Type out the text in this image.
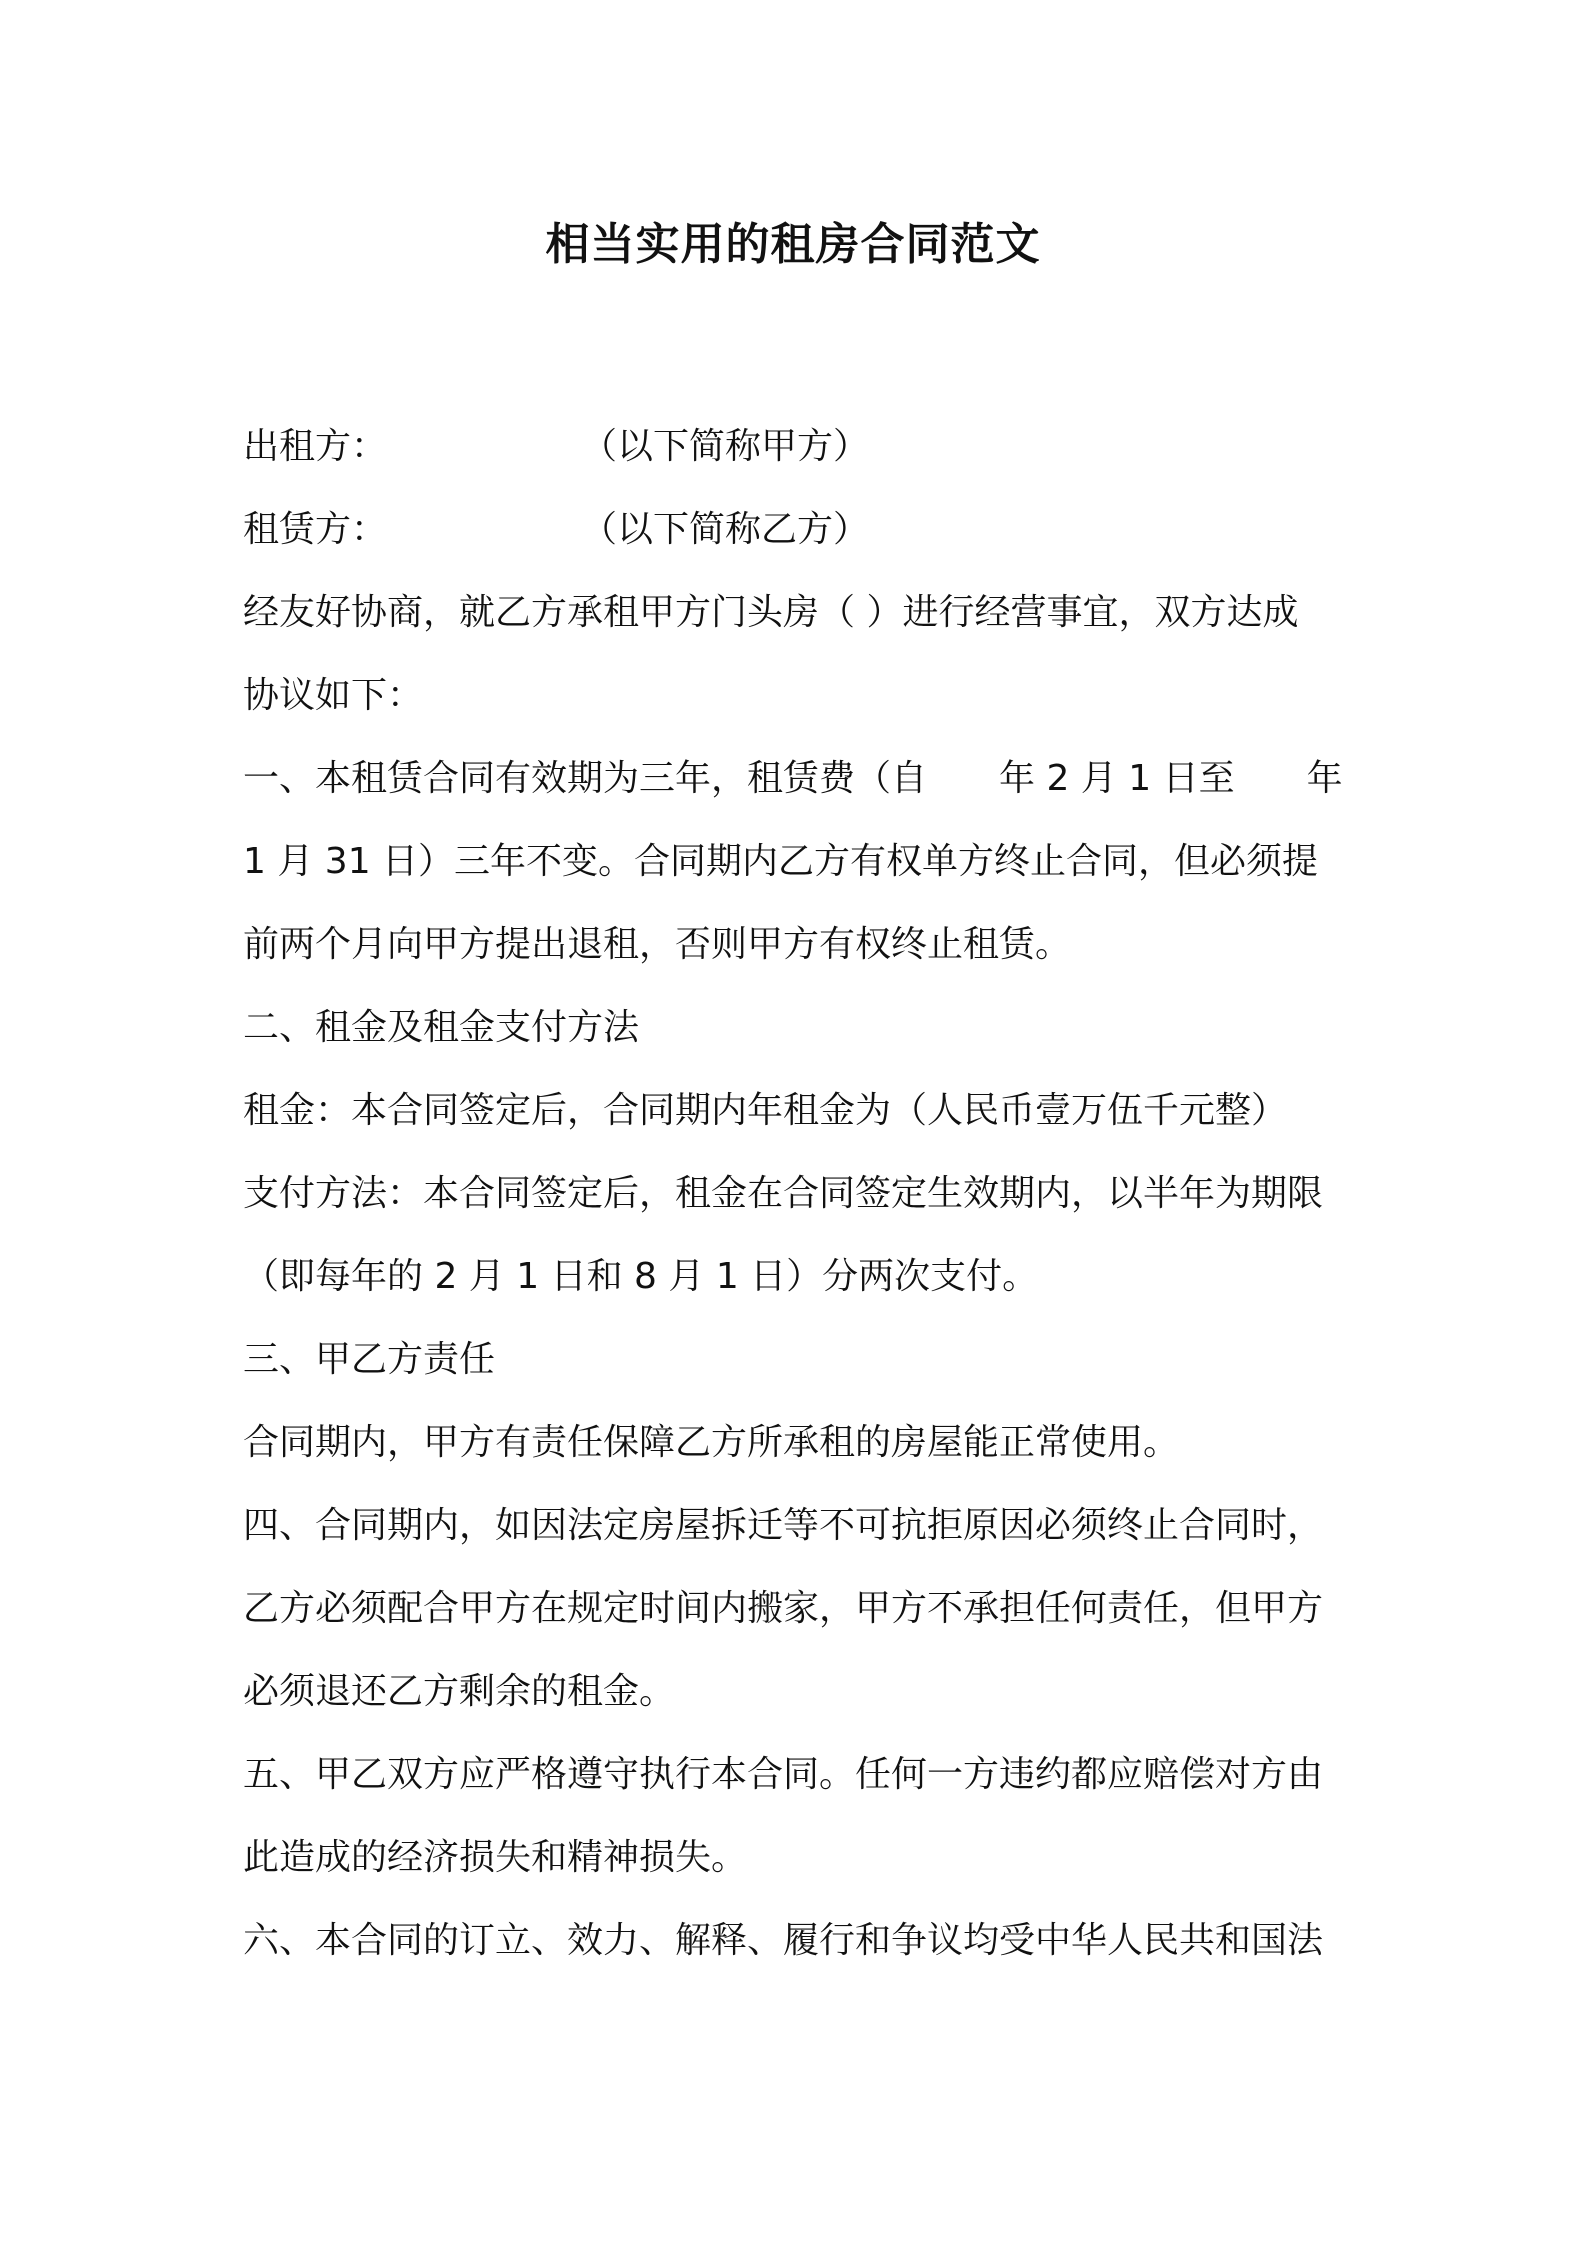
相当实用的租房合同范文
出租方：	（以下简称甲方）
租赁方：	（以下简称乙方）
经友好协商，就乙方承租甲方门头房（ ）进行经营事宜，双方达成
协议如下：
一、本租赁合同有效期为三年，租赁费（自　　年 2 月 1 日至　　年
1 月 31 日）三年不变。合同期内乙方有权单方终止合同，但必须提
前两个月向甲方提出退租，否则甲方有权终止租赁。
二、租金及租金支付方法
租金：本合同签定后，合同期内年租金为（人民币壹万伍千元整）
支付方法：本合同签定后，租金在合同签定生效期内，以半年为期限
（即每年的 2 月 1 日和 8 月 1 日）分两次支付。
三、甲乙方责任
合同期内，甲方有责任保障乙方所承租的房屋能正常使用。
四、合同期内，如因法定房屋拆迁等不可抗拒原因必须终止合同时，
乙方必须配合甲方在规定时间内搬家，甲方不承担任何责任，但甲方
必须退还乙方剩余的租金。
五、甲乙双方应严格遵守执行本合同。任何一方违约都应赔偿对方由
此造成的经济损失和精神损失。
六、本合同的订立、效力、解释、履行和争议均受中华人民共和国法
